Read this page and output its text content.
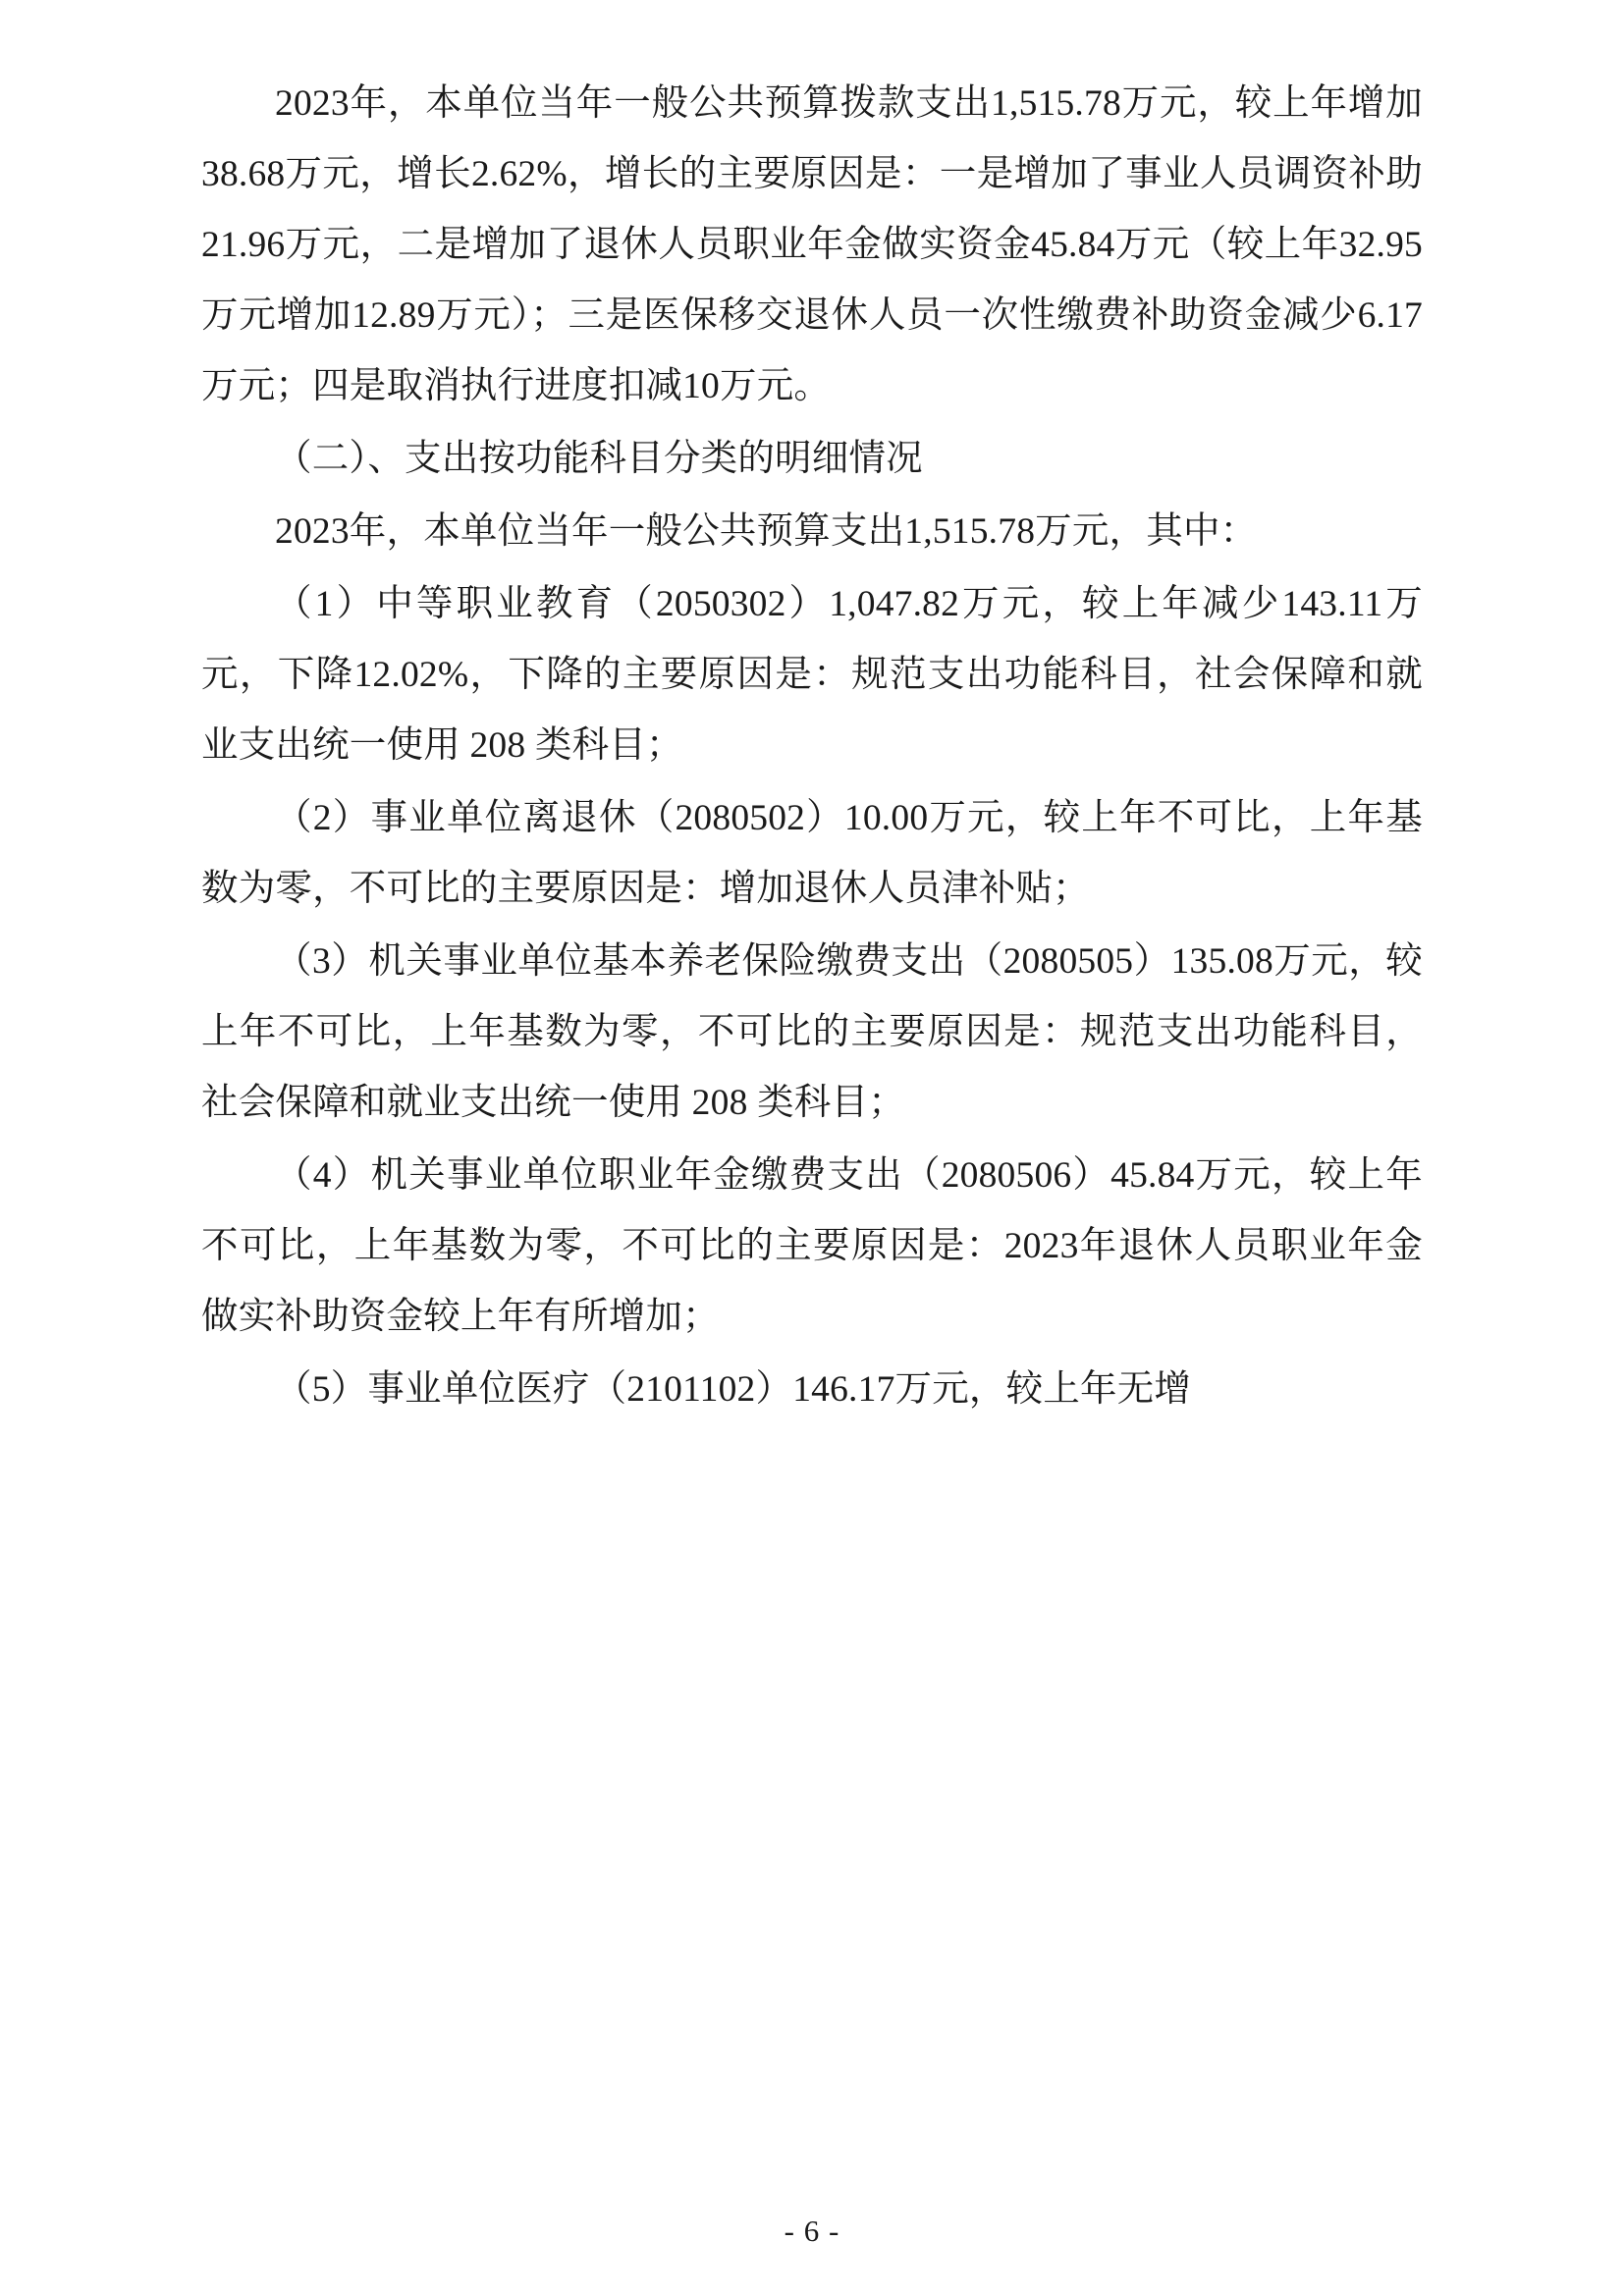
2023年，本单位当年一般公共预算拨款支出1,515.78万元，较上年增加38.68万元，增长2.62%，增长的主要原因是：一是增加了事业人员调资补助21.96万元，二是增加了退休人员职业年金做实资金45.84万元（较上年32.95万元增加12.89万元）；三是医保移交退休人员一次性缴费补助资金减少6.17 万元；四是取消执行进度扣减10万元。

（二）、支出按功能科目分类的明细情况

2023年，本单位当年一般公共预算支出1,515.78万元，其中：

（1）中等职业教育（2050302）1,047.82万元，较上年减少143.11万元，下降12.02%，下降的主要原因是：规范支出功能科目，社会保障和就业支出统一使用 208 类科目；

（2）事业单位离退休（2080502）10.00万元，较上年不可比，上年基数为零，不可比的主要原因是：增加退休人员津补贴；

（3）机关事业单位基本养老保险缴费支出（2080505）135.08万元，较上年不可比，上年基数为零，不可比的主要原因是：规范支出功能科目，社会保障和就业支出统一使用 208 类科目；

（4）机关事业单位职业年金缴费支出（2080506）45.84万元，较上年不可比，上年基数为零，不可比的主要原因是：2023年退休人员职业年金做实补助资金较上年有所增加；

（5）事业单位医疗（2101102）146.17万元，较上年无增

- 6 -
